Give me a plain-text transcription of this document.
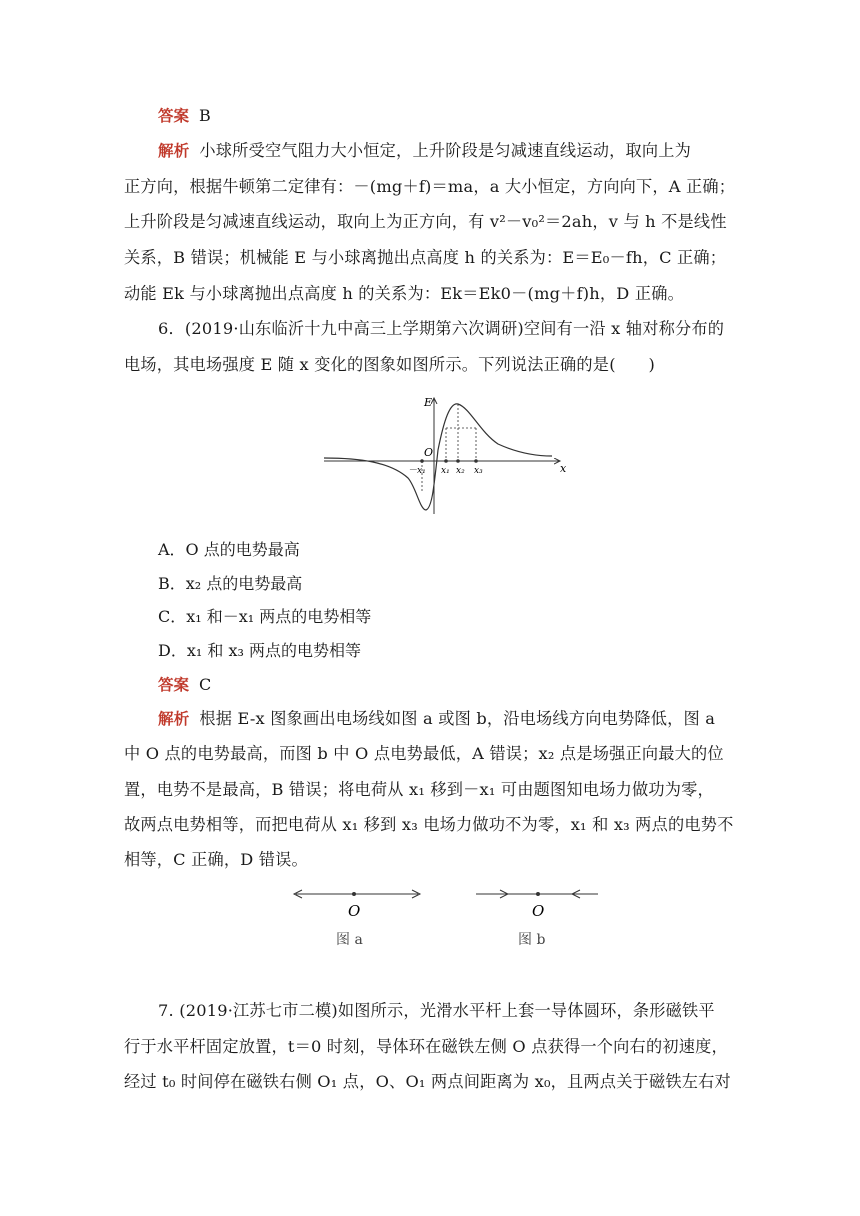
答案 B
解析 小球所受空气阻力大小恒定，上升阶段是匀减速直线运动，取向上为
正方向，根据牛顿第二定律有：－(mg＋f)＝ma，a 大小恒定，方向向下，A 正确；
上升阶段是匀减速直线运动，取向上为正方向，有 v²－v₀²＝2ah，v 与 h 不是线性
关系，B 错误；机械能 E 与小球离抛出点高度 h 的关系为：E＝E₀－fh，C 正确；
动能 Ek 与小球离抛出点高度 h 的关系为：Ek＝Ek0－(mg＋f)h，D 正确。
6．(2019·山东临沂十九中高三上学期第六次调研)空间有一沿 x 轴对称分布的
电场，其电场强度 E 随 x 变化的图象如图所示。下列说法正确的是(　　)
E
x
O
－x₁ x₁ x₂ x₃
A．O 点的电势最高
B．x₂ 点的电势最高
C．x₁ 和－x₁ 两点的电势相等
D．x₁ 和 x₃ 两点的电势相等
答案 C
解析 根据 E-x 图象画出电场线如图 a 或图 b，沿电场线方向电势降低，图 a
中 O 点的电势最高，而图 b 中 O 点电势最低，A 错误；x₂ 点是场强正向最大的位
置，电势不是最高，B 错误；将电荷从 x₁ 移到－x₁ 可由题图知电场力做功为零，
故两点电势相等，而把电荷从 x₁ 移到 x₃ 电场力做功不为零，x₁ 和 x₃ 两点的电势不
相等，C 正确，D 错误。
O
图 a
O
图 b
7. (2019·江苏七市二模)如图所示，光滑水平杆上套一导体圆环，条形磁铁平
行于水平杆固定放置，t＝0 时刻，导体环在磁铁左侧 O 点获得一个向右的初速度，
经过 t₀ 时间停在磁铁右侧 O₁ 点，O、O₁ 两点间距离为 x₀，且两点关于磁铁左右对
